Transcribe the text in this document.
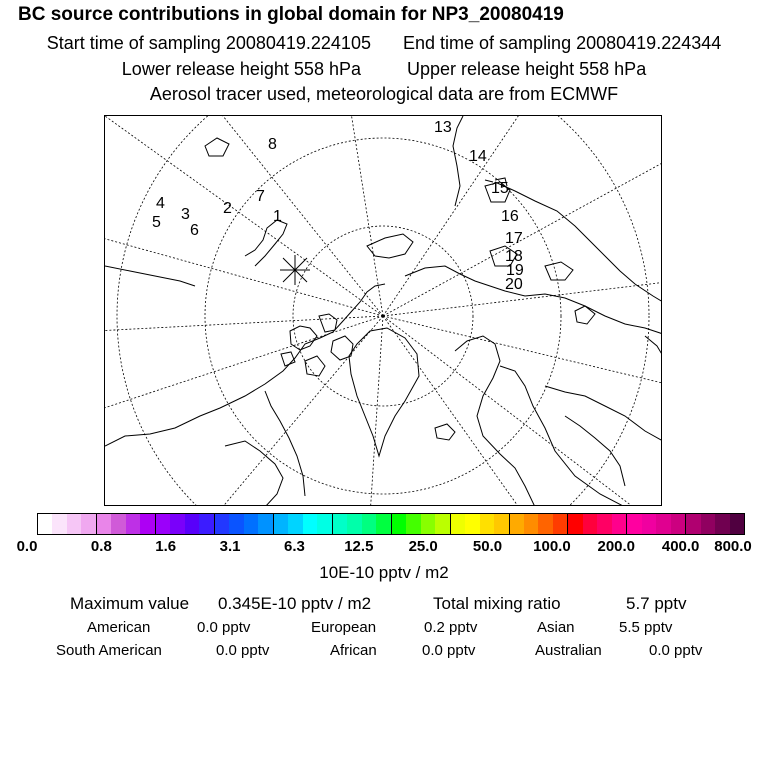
BC source contributions in global domain for NP3_20080419
Start time of sampling 20080419.224105 End time of sampling 20080419.224344
Lower release height 558 hPa	Upper release height 558 hPa
Aerosol tracer used, meteorological data are from ECMWF
1
2
3
4
5 6
7
8
13
14
15
16
17
18
19
20
0.0	0.8	1.6	3.1	6.3	12.5 25.0 50.0 100.0 200.0 400.0 800.0
10E-10 pptv / m2
Maximum value 0.345E-10 pptv / m2	Total mixing ratio	5.7 pptv
American	0.0 pptv	European	0.2 pptv	Asian	5.5 pptv
South American	0.0 pptv	African	0.0 pptv	Australian	0.0 pptv
